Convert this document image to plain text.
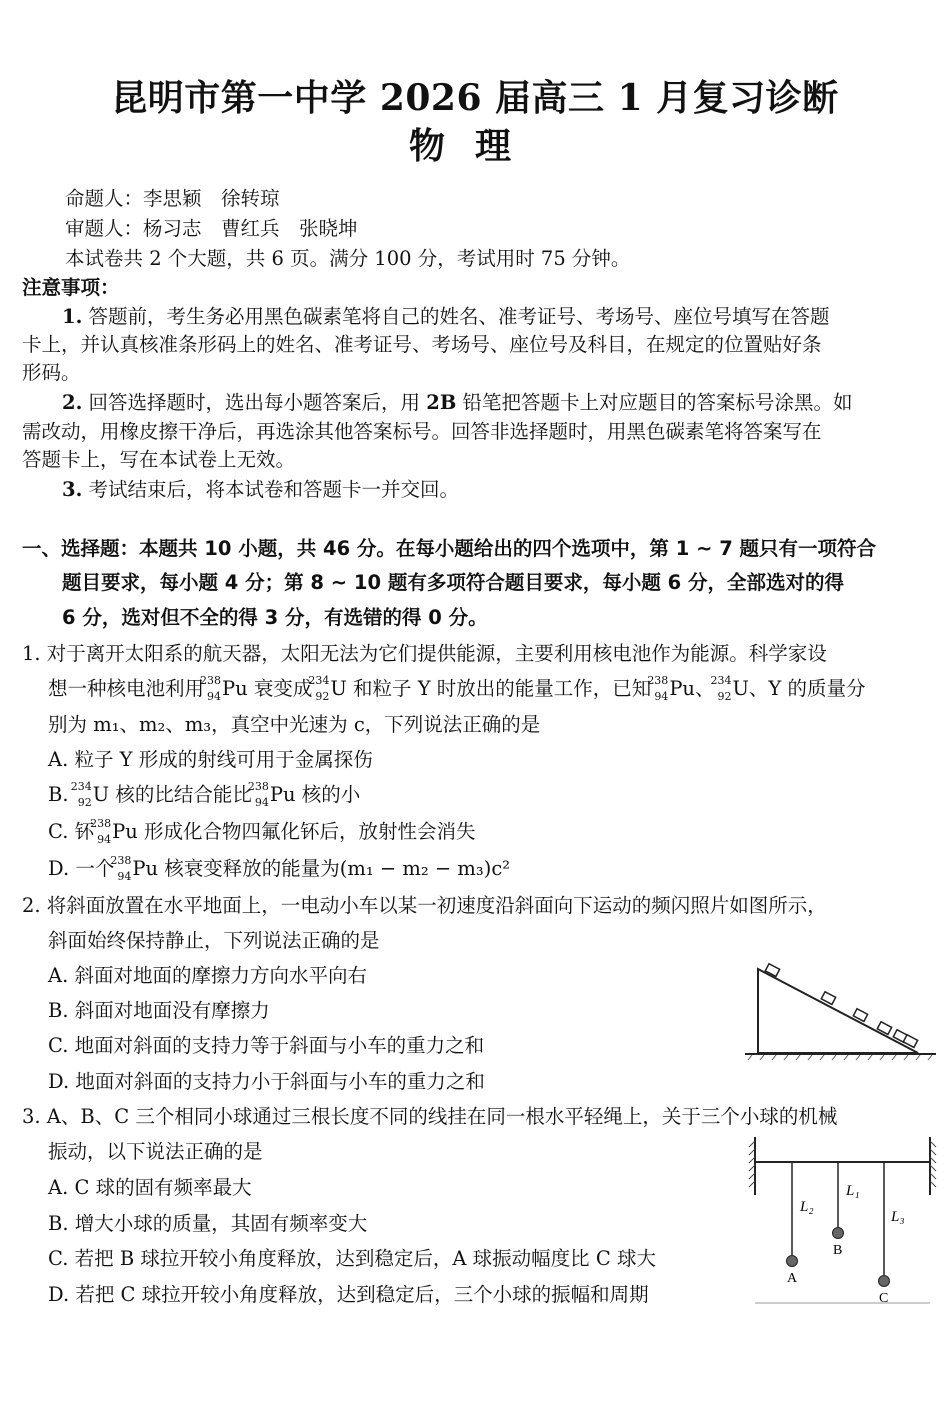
昆明市第一中学 2026 届高三 1 月复习诊断
物理
命题人：李思颖　徐转琼
审题人：杨习志　曹红兵　张晓坤
本试卷共 2 个大题，共 6 页。满分 100 分，考试用时 75 分钟。
注意事项：
1. 答题前，考生务必用黑色碳素笔将自己的姓名、准考证号、考场号、座位号填写在答题
卡上，并认真核准条形码上的姓名、准考证号、考场号、座位号及科目，在规定的位置贴好条
形码。
2. 回答选择题时，选出每小题答案后，用 2B 铅笔把答题卡上对应题目的答案标号涂黑。如
需改动，用橡皮擦干净后，再选涂其他答案标号。回答非选择题时，用黑色碳素笔将答案写在
答题卡上，写在本试卷上无效。
3. 考试结束后，将本试卷和答题卡一并交回。
一、选择题：本题共 10 小题，共 46 分。在每小题给出的四个选项中，第 1 ~ 7 题只有一项符合
题目要求，每小题 4 分；第 8 ~ 10 题有多项符合题目要求，每小题 6 分，全部选对的得
6 分，选对但不全的得 3 分，有选错的得 0 分。
1. 对于离开太阳系的航天器，太阳无法为它们提供能源，主要利用核电池作为能源。科学家设
想一种核电池利用
238
94 Pu 衰变成
234
92 U 和粒子 Y 时放出的能量工作，已知
238
94 Pu、
234
92 U、Y 的质量分
别为 m₁、m₂、m₃，真空中光速为 c，下列说法正确的是
A. 粒子 Y 形成的射线可用于金属探伤
B.
234
92 U 核的比结合能比
238
94 Pu 核的小
C. 钚
238
94 Pu 形成化合物四氟化钚后，放射性会消失
D. 一个
238
94 Pu 核衰变释放的能量为(m₁ − m₂ − m₃)c²
2. 将斜面放置在水平地面上，一电动小车以某一初速度沿斜面向下运动的频闪照片如图所示，
斜面始终保持静止，下列说法正确的是
A. 斜面对地面的摩擦力方向水平向右
B. 斜面对地面没有摩擦力
C. 地面对斜面的支持力等于斜面与小车的重力之和
D. 地面对斜面的支持力小于斜面与小车的重力之和
3. A、B、C 三个相同小球通过三根长度不同的线挂在同一根水平轻绳上，关于三个小球的机械
振动，以下说法正确的是
A. C 球的固有频率最大
B. 增大小球的质量，其固有频率变大
C. 若把 B 球拉开较小角度释放，达到稳定后，A 球振动幅度比 C 球大
D. 若把 C 球拉开较小角度释放，达到稳定后，三个小球的振幅和周期
L₂
L₁
L₃
A
B
C
